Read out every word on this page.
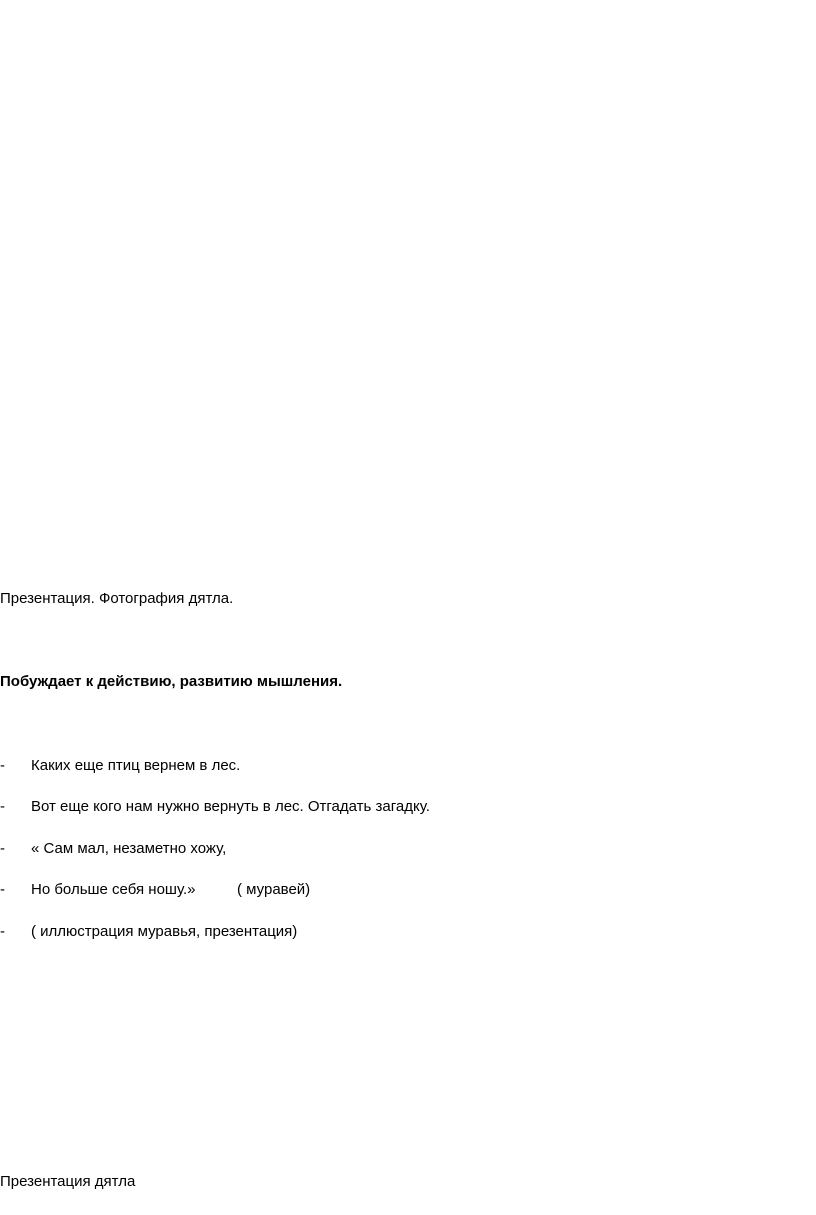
Презентация. Фотография дятла.
Побуждает к действию, развитию мышления.
- Каких еще птиц вернем в лес.
- Вот еще кого нам нужно вернуть в лес. Отгадать загадку.
- « Сам мал, незаметно хожу,
- Но больше себя ношу.»	( муравей)
- ( иллюстрация муравья, презентация)
Презентация дятла
